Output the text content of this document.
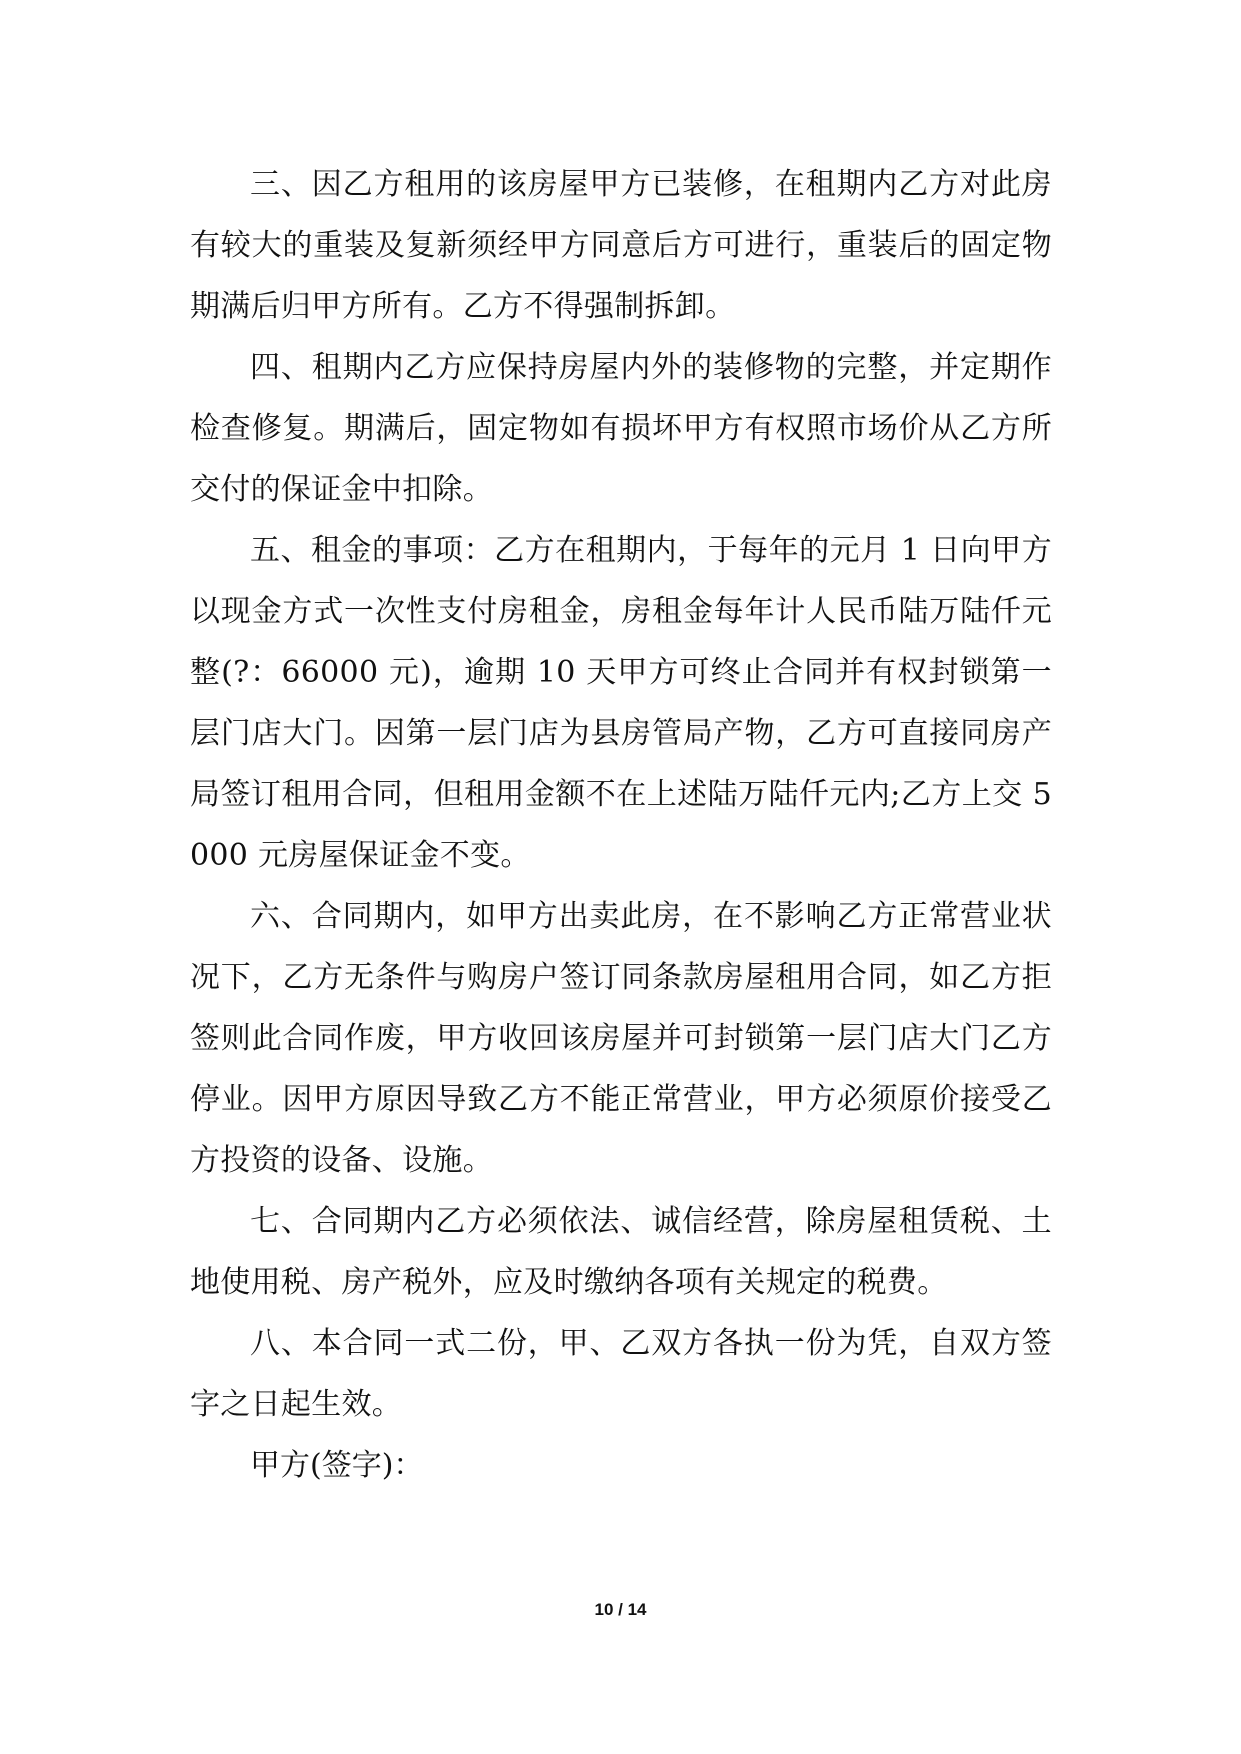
三、因乙方租用的该房屋甲方已装修，在租期内乙方对此房有较大的重装及复新须经甲方同意后方可进行，重装后的固定物期满后归甲方所有。乙方不得强制拆卸。

四、租期内乙方应保持房屋内外的装修物的完整，并定期作检查修复。期满后，固定物如有损坏甲方有权照市场价从乙方所交付的保证金中扣除。

五、租金的事项：乙方在租期内，于每年的元月 1 日向甲方以现金方式一次性支付房租金，房租金每年计人民币陆万陆仟元整(?：66000 元)，逾期 10 天甲方可终止合同并有权封锁第一层门店大门。因第一层门店为县房管局产物，乙方可直接同房产局签订租用合同，但租用金额不在上述陆万陆仟元内;乙方上交 5000 元房屋保证金不变。

六、合同期内，如甲方出卖此房，在不影响乙方正常营业状况下，乙方无条件与购房户签订同条款房屋租用合同，如乙方拒签则此合同作废，甲方收回该房屋并可封锁第一层门店大门乙方停业。因甲方原因导致乙方不能正常营业，甲方必须原价接受乙方投资的设备、设施。

七、合同期内乙方必须依法、诚信经营，除房屋租赁税、土地使用税、房产税外，应及时缴纳各项有关规定的税费。

八、本合同一式二份，甲、乙双方各执一份为凭，自双方签字之日起生效。

甲方(签字)：

10 / 14
